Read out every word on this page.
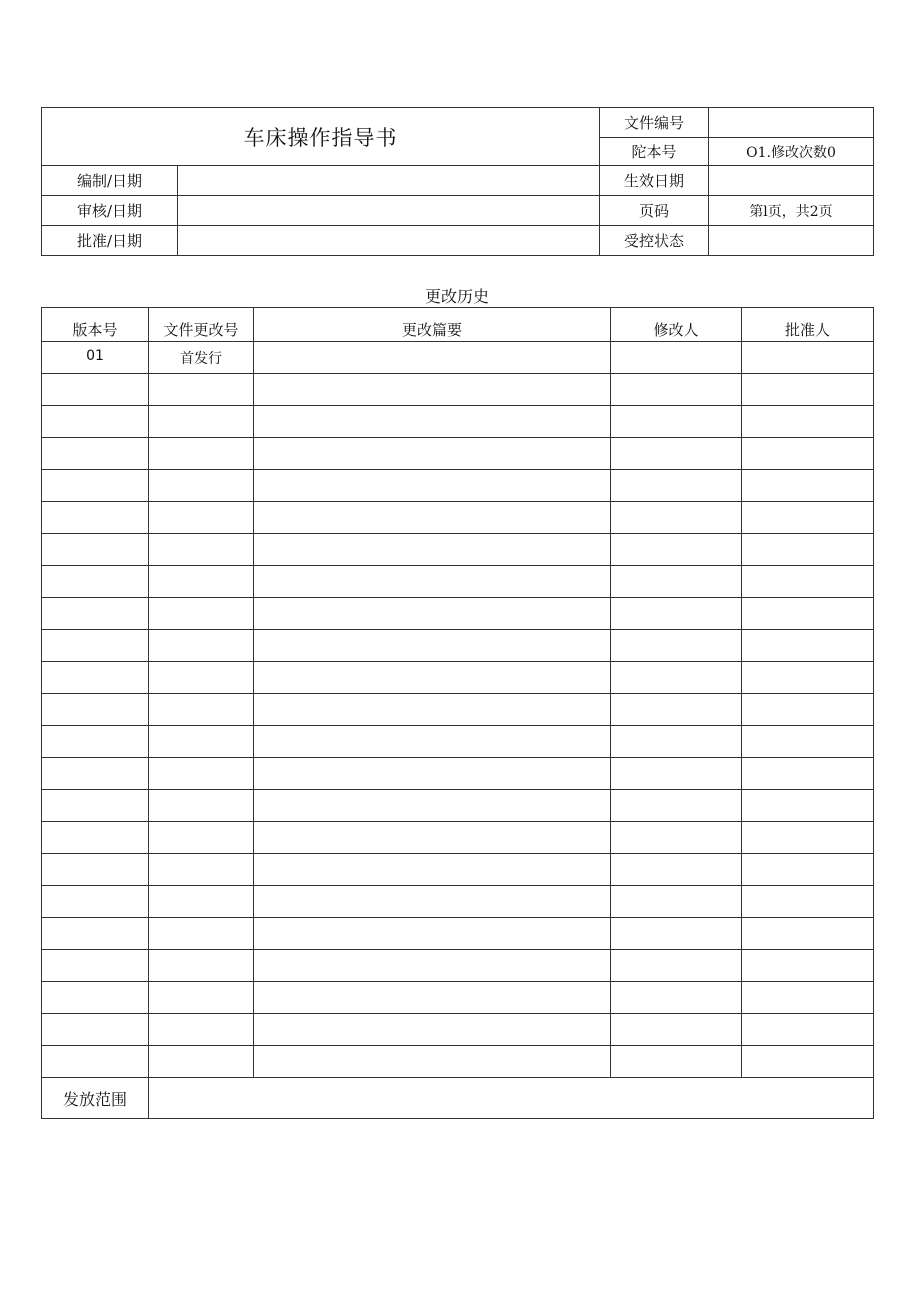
车床操作指导书		文件编号	
		陀本号	O1.修改次数0
编制/日期		生效日期	
审核/日期		页码	第l页，共2页
批准/日期		受控状态	
更改历史
版本号	文件更改号	更改篇要	修改人	批准人
01	首发行			

发放范围				
